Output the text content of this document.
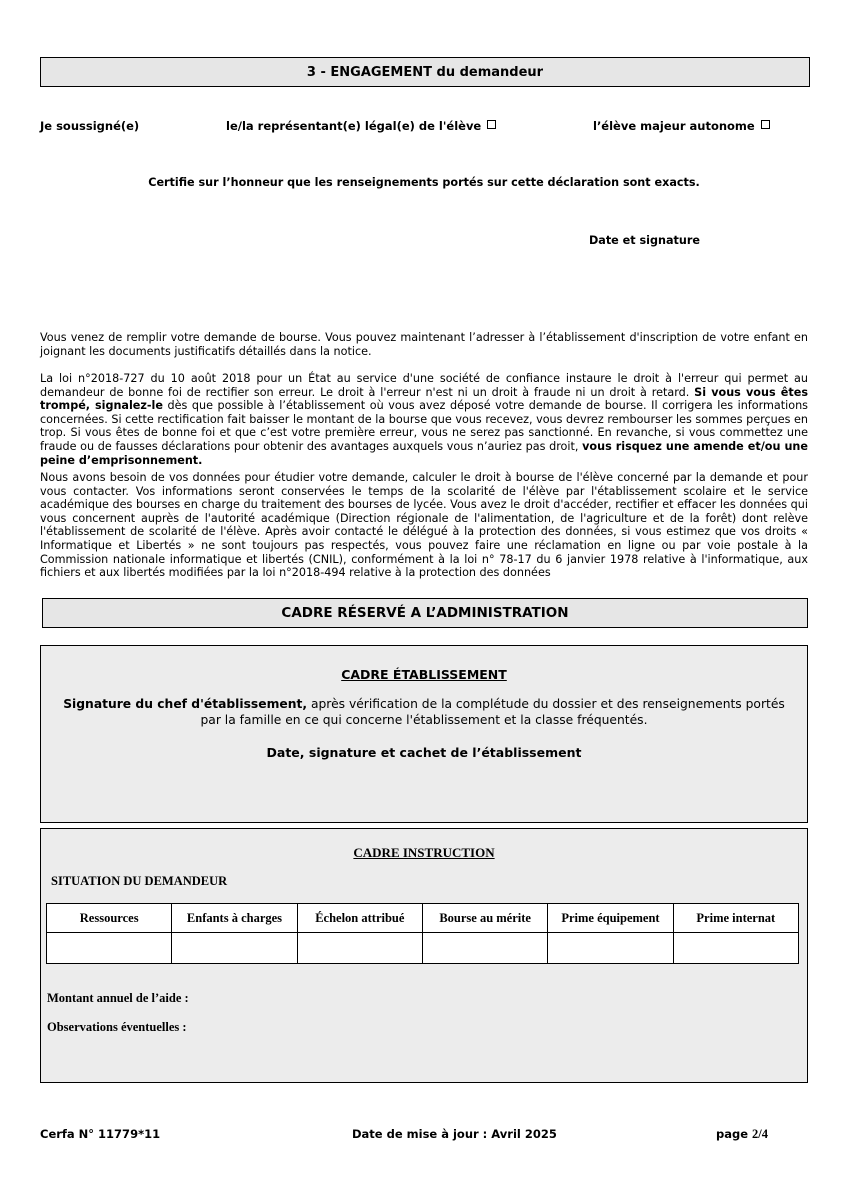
3 - ENGAGEMENT du demandeur
Je soussigné(e)	le/la représentant(e) légal(e) de l'élève	l’élève majeur autonome
Certifie sur l’honneur que les renseignements portés sur cette déclaration sont exacts.
Date et signature

Vous venez de remplir votre demande de bourse. Vous pouvez maintenant l’adresser à l’établissement d'inscription de votre enfant en joignant les documents justificatifs détaillés dans la notice.

La loi n°2018-727 du 10 août 2018 pour un État au service d'une société de confiance instaure le droit à l'erreur qui permet au demandeur de bonne foi de rectifier son erreur. Le droit à l'erreur n'est ni un droit à fraude ni un droit à retard. Si vous vous êtes trompé, signalez-le dès que possible à l’établissement où vous avez déposé votre demande de bourse. Il corrigera les informations concernées. Si cette rectification fait baisser le montant de la bourse que vous recevez, vous devrez rembourser les sommes perçues en trop. Si vous êtes de bonne foi et que c’est votre première erreur, vous ne serez pas sanctionné. En revanche, si vous commettez une fraude ou de fausses déclarations pour obtenir des avantages auxquels vous n’auriez pas droit, vous risquez une amende et/ou une peine d’emprisonnement.

Nous avons besoin de vos données pour étudier votre demande, calculer le droit à bourse de l'élève concerné par la demande et pour vous contacter. Vos informations seront conservées le temps de la scolarité de l'élève par l'établissement scolaire et le service académique des bourses en charge du traitement des bourses de lycée. Vous avez le droit d'accéder, rectifier et effacer les données qui vous concernent auprès de l'autorité académique (Direction régionale de l'alimentation, de l'agriculture et de la forêt) dont relève l'établissement de scolarité de l'élève. Après avoir contacté le délégué à la protection des données, si vous estimez que vos droits « Informatique et Libertés » ne sont toujours pas respectés, vous pouvez faire une réclamation en ligne ou par voie postale à la Commission nationale informatique et libertés (CNIL), conformément à la loi n° 78-17 du 6 janvier 1978 relative à l'informatique, aux fichiers et aux libertés modifiées par la loi n°2018-494 relative à la protection des données

CADRE RÉSERVÉ A L’ADMINISTRATION
CADRE ÉTABLISSEMENT
Signature du chef d'établissement, après vérification de la complétude du dossier et des renseignements portés par la famille en ce qui concerne l'établissement et la classe fréquentés.
Date, signature et cachet de l’établissement
CADRE INSTRUCTION
SITUATION DU DEMANDEUR
Ressources	Enfants à charges	Échelon attribué	Bourse au mérite	Prime équipement	Prime internat

Montant annuel de l’aide :
Observations éventuelles :
Cerfa N° 11779*11	Date de mise à jour : Avril 2025	page 2/4
